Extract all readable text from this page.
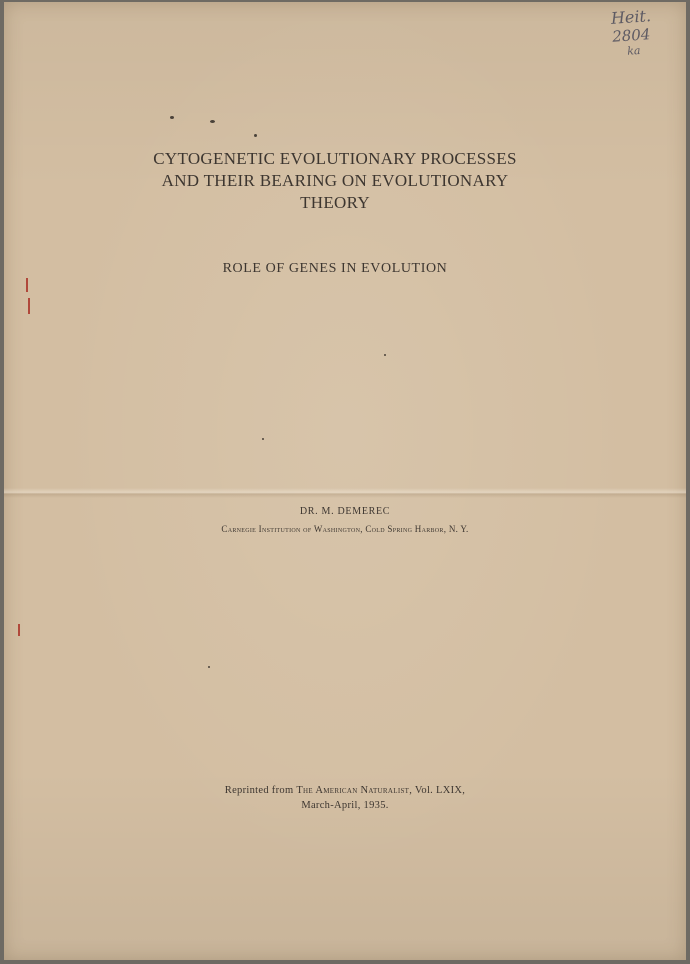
Heit.
2804
ka
CYTOGENETIC EVOLUTIONARY PROCESSES
AND THEIR BEARING ON EVOLUTIONARY
THEORY
ROLE OF GENES IN EVOLUTION
DR. M. DEMEREC
Carnegie Institution of Washington, Cold Spring Harbor, N. Y.
Reprinted from The American Naturalist, Vol. LXIX,
March-April, 1935.
